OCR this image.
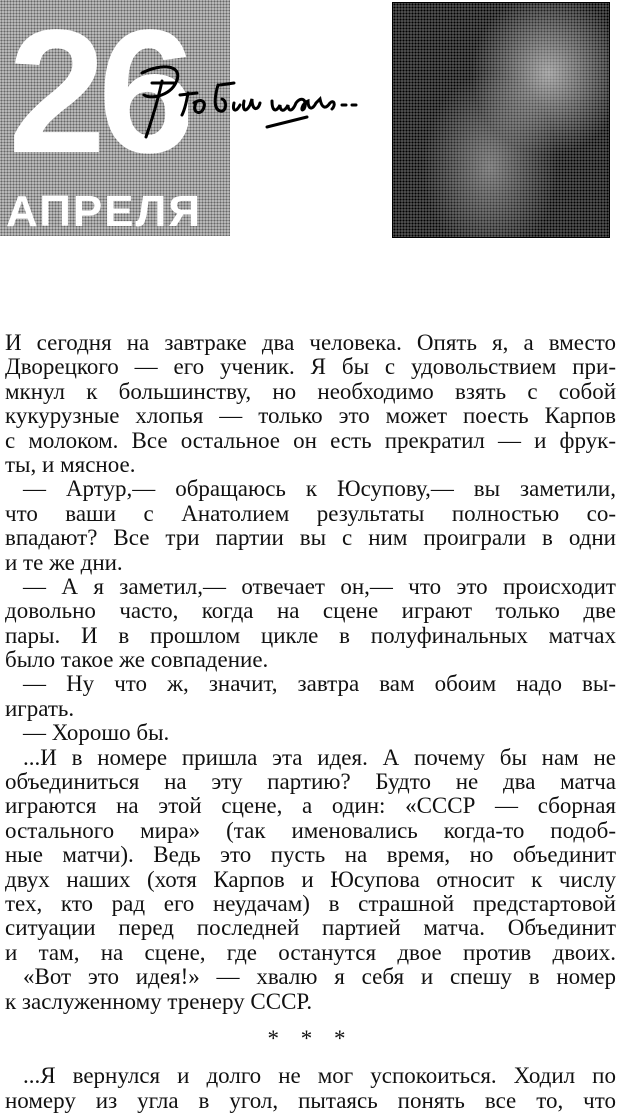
26
АПРЕЛЯ
И сегодня на завтраке два человека. Опять я, а вместо
Дворецкого — его ученик. Я бы с удовольствием при-
мкнул к большинству, но необходимо взять с собой
кукурузные хлопья — только это может поесть Карпов
с молоком. Все остальное он есть прекратил — и фрук-
ты, и мясное.
— Артур,— обращаюсь к Юсупову,— вы заметили,
что ваши с Анатолием результаты полностью со-
впадают? Все три партии вы с ним проиграли в одни
и те же дни.
— А я заметил,— отвечает он,— что это происходит
довольно часто, когда на сцене играют только две
пары. И в прошлом цикле в полуфинальных матчах
было такое же совпадение.
— Ну что ж, значит, завтра вам обоим надо вы-
играть.
— Хорошо бы.
...И в номере пришла эта идея. А почему бы нам не
объединиться на эту партию? Будто не два матча
играются на этой сцене, а один: «СССР — сборная
остального мира» (так именовались когда-то подоб-
ные матчи). Ведь это пусть на время, но объединит
двух наших (хотя Карпов и Юсупова относит к числу
тех, кто рад его неудачам) в страшной предстартовой
ситуации перед последней партией матча. Объединит
и там, на сцене, где останутся двое против двоих.
«Вот это идея!» — хвалю я себя и спешу в номер
к заслуженному тренеру СССР.
* * *
...Я вернулся и долго не мог успокоиться. Ходил по
номеру из угла в угол, пытаясь понять все то, что
